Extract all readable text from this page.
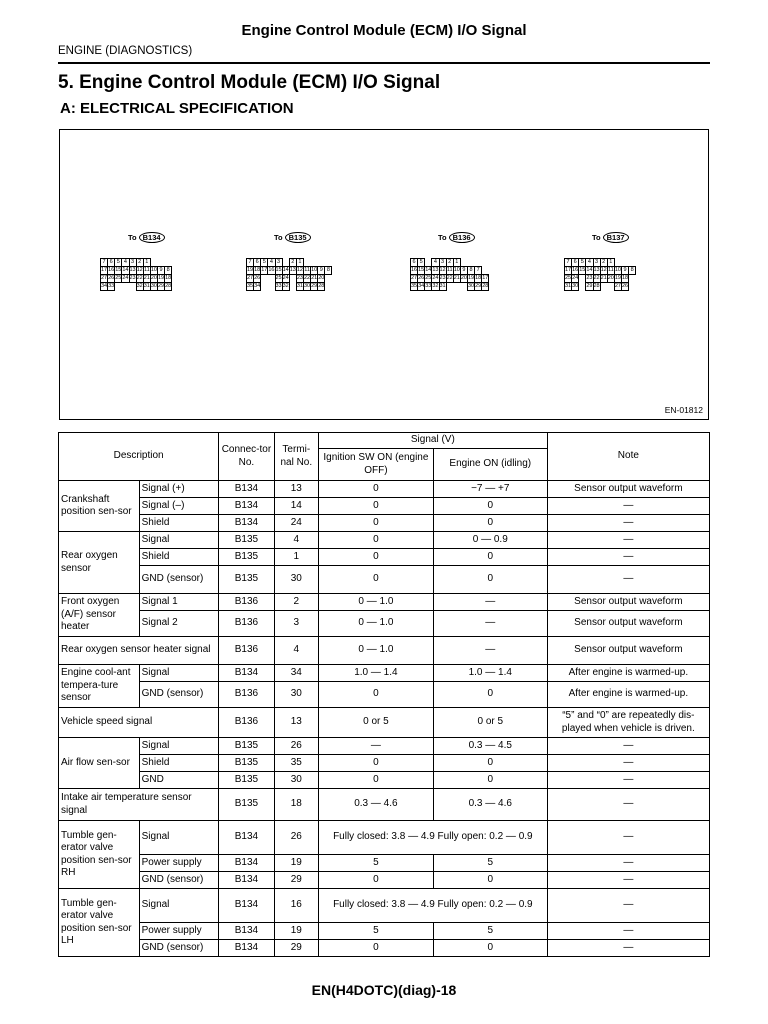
Engine Control Module (ECM) I/O Signal
ENGINE (DIAGNOSTICS)
5. Engine Control Module (ECM) I/O Signal
A: ELECTRICAL SPECIFICATION
To B134
7	6	5	4	3	2	1			
17	16	15	14	13	12	11	10	9	8
27	26	25	24	23	22	21	20	19	18
34	33				32	31	30	29	28
To B135
7	6	5	4	3		2	1				
19	18	17	16	15	14	13	12	11	10	9	8
27	26			25	24		23	22	21	20	
35	34			33	32		31	30	29	28	
To B136
6	5		4	3	2	1				
16	15	14	13	12	11	10	9	8	7	
27	26	25	24	23	22	21	20	19	18	17
35	34	33	32	31				30	29	28
To B137
7	6	5	4	3	2	1			
17	16	15	14	13	12	11	10	9	8
25	24		23	22	21	20	19	18	
31	30		29	28			27	26	
EN-01812
Description		Connec-tor No.	Termi-nal No.	Signal (V)		Note
				Ignition SW ON (engine OFF)	Engine ON (idling)	
Crankshaft position sen-sor	Signal (+)	B134	13	0	−7 — +7	Sensor output waveform
	Signal (–)	B134	14	0	0	—
	Shield	B134	24	0	0	—
Rear oxygen sensor	Signal	B135	4	0	0 — 0.9	—
	Shield	B135	1	0	0	—
	GND (sensor)	B135	30	0	0	—
Front oxygen (A/F) sensor heater	Signal 1	B136	2	0 — 1.0	—	Sensor output waveform
	Signal 2	B136	3	0 — 1.0	—	Sensor output waveform
Rear oxygen sensor heater signal		B136	4	0 — 1.0	—	Sensor output waveform
Engine cool-ant tempera-ture sensor	Signal	B134	34	1.0 — 1.4	1.0 — 1.4	After engine is warmed-up.
	GND (sensor)	B136	30	0	0	After engine is warmed-up.
Vehicle speed signal		B136	13	0 or 5	0 or 5	“5” and “0” are repeatedly dis-played when vehicle is driven.
Air flow sen-sor	Signal	B135	26	—	0.3 — 4.5	—
	Shield	B135	35	0	0	—
	GND	B135	30	0	0	—
Intake air temperature sensor signal		B135	18	0.3 — 4.6	0.3 — 4.6	—
Tumble gen-erator valve position sen-sor RH	Signal	B134	26	Fully closed: 3.8 — 4.9 Fully open: 0.2 — 0.9		—
	Power supply	B134	19	5	5	—
	GND (sensor)	B134	29	0	0	—
Tumble gen-erator valve position sen-sor LH	Signal	B134	16	Fully closed: 3.8 — 4.9 Fully open: 0.2 — 0.9		—
	Power supply	B134	19	5	5	—
	GND (sensor)	B134	29	0	0	—
EN(H4DOTC)(diag)-18
